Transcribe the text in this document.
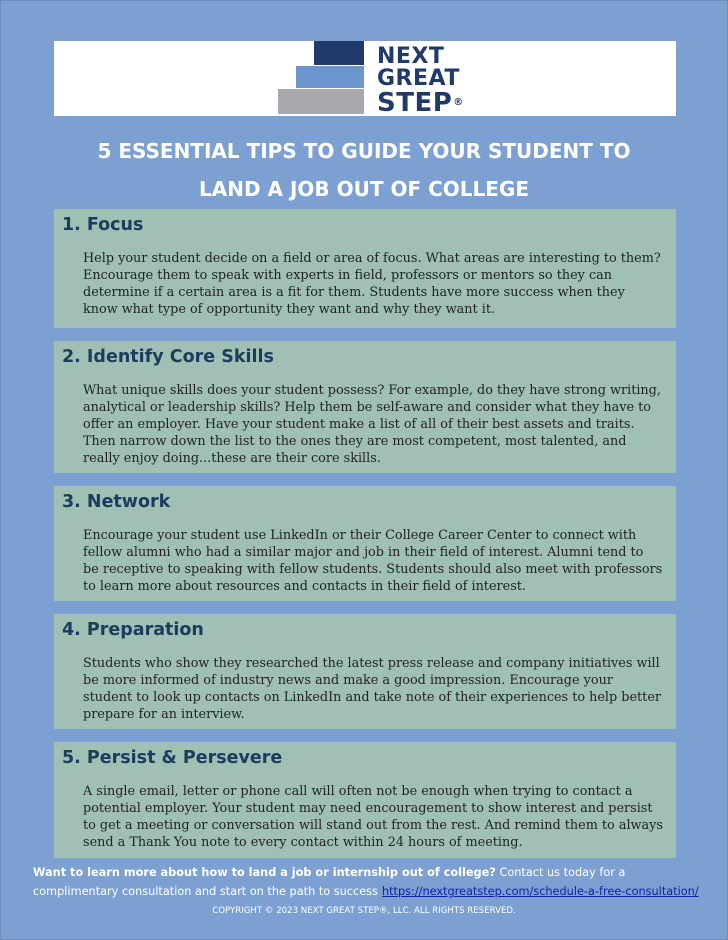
NEXT
GREAT
STEP®
5 ESSENTIAL TIPS TO GUIDE YOUR STUDENT TO
LAND A JOB OUT OF COLLEGE
1. Focus
Help your student decide on a field or area of focus. What areas are interesting to them? Encourage them to speak with experts in field, professors or mentors so they can determine if a certain area is a fit for them. Students have more success when they know what type of opportunity they want and why they want it.
2. Identify Core Skills
What unique skills does your student possess? For example, do they have strong writing, analytical or leadership skills? Help them be self-aware and consider what they have to offer an employer. Have your student make a list of all of their best assets and traits. Then narrow down the list to the ones they are most competent, most talented, and really enjoy doing...these are their core skills.
3. Network
Encourage your student use LinkedIn or their College Career Center to connect with fellow alumni who had a similar major and job in their field of interest. Alumni tend to be receptive to speaking with fellow students. Students should also meet with professors to learn more about resources and contacts in their field of interest.
4. Preparation
Students who show they researched the latest press release and company initiatives will be more informed of industry news and make a good impression. Encourage your student to look up contacts on LinkedIn and take note of their experiences to help better prepare for an interview.
5. Persist & Persevere
A single email, letter or phone call will often not be enough when trying to contact a potential employer. Your student may need encouragement to show interest and persist to get a meeting or conversation will stand out from the rest. And remind them to always send a Thank You note to every contact within 24 hours of meeting.
Want to learn more about how to land a job or internship out of college? Contact us today for a complimentary consultation and start on the path to success https://nextgreatstep.com/schedule-a-free-consultation/
COPYRIGHT © 2023 NEXT GREAT STEP®, LLC. ALL RIGHTS RESERVED.
